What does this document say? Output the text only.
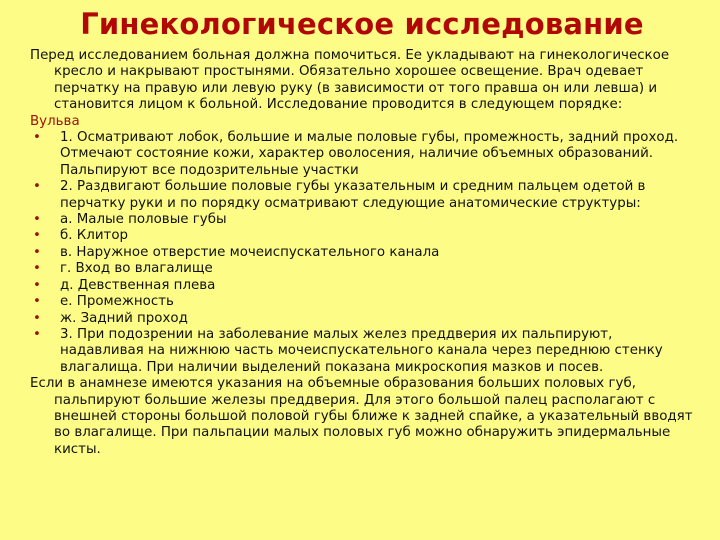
Гинекологическое исследование

Перед исследованием больная должна помочиться. Ее укладывают на гинекологическое кресло и накрывают простынями. Обязательно хорошее освещение. Врач одевает перчатку на правую или левую руку (в зависимости от того правша он или левша) и становится лицом к больной. Исследование проводится в следующем порядке:

Вульва

• 1. Осматривают лобок, большие и малые половые губы, промежность, задний проход. Отмечают состояние кожи, характер оволосения, наличие объемных образований. Пальпируют все подозрительные участки
• 2. Раздвигают большие половые губы указательным и средним пальцем одетой в перчатку руки и по порядку осматривают следующие анатомические структуры:
• а. Малые половые губы
• б. Клитор
• в. Наружное отверстие мочеиспускательного канала
• г. Вход во влагалище
• д. Девственная плева
• е. Промежность
• ж. Задний проход
• 3. При подозрении на заболевание малых желез преддверия их пальпируют, надавливая на нижнюю часть мочеиспускательного канала через переднюю стенку влагалища. При наличии выделений показана микроскопия мазков и посев.

Если в анамнезе имеются указания на объемные образования больших половых губ, пальпируют большие железы преддверия. Для этого большой палец располагают с внешней стороны большой половой губы ближе к задней спайке, а указательный вводят во влагалище. При пальпации малых половых губ можно обнаружить эпидермальные кисты.
